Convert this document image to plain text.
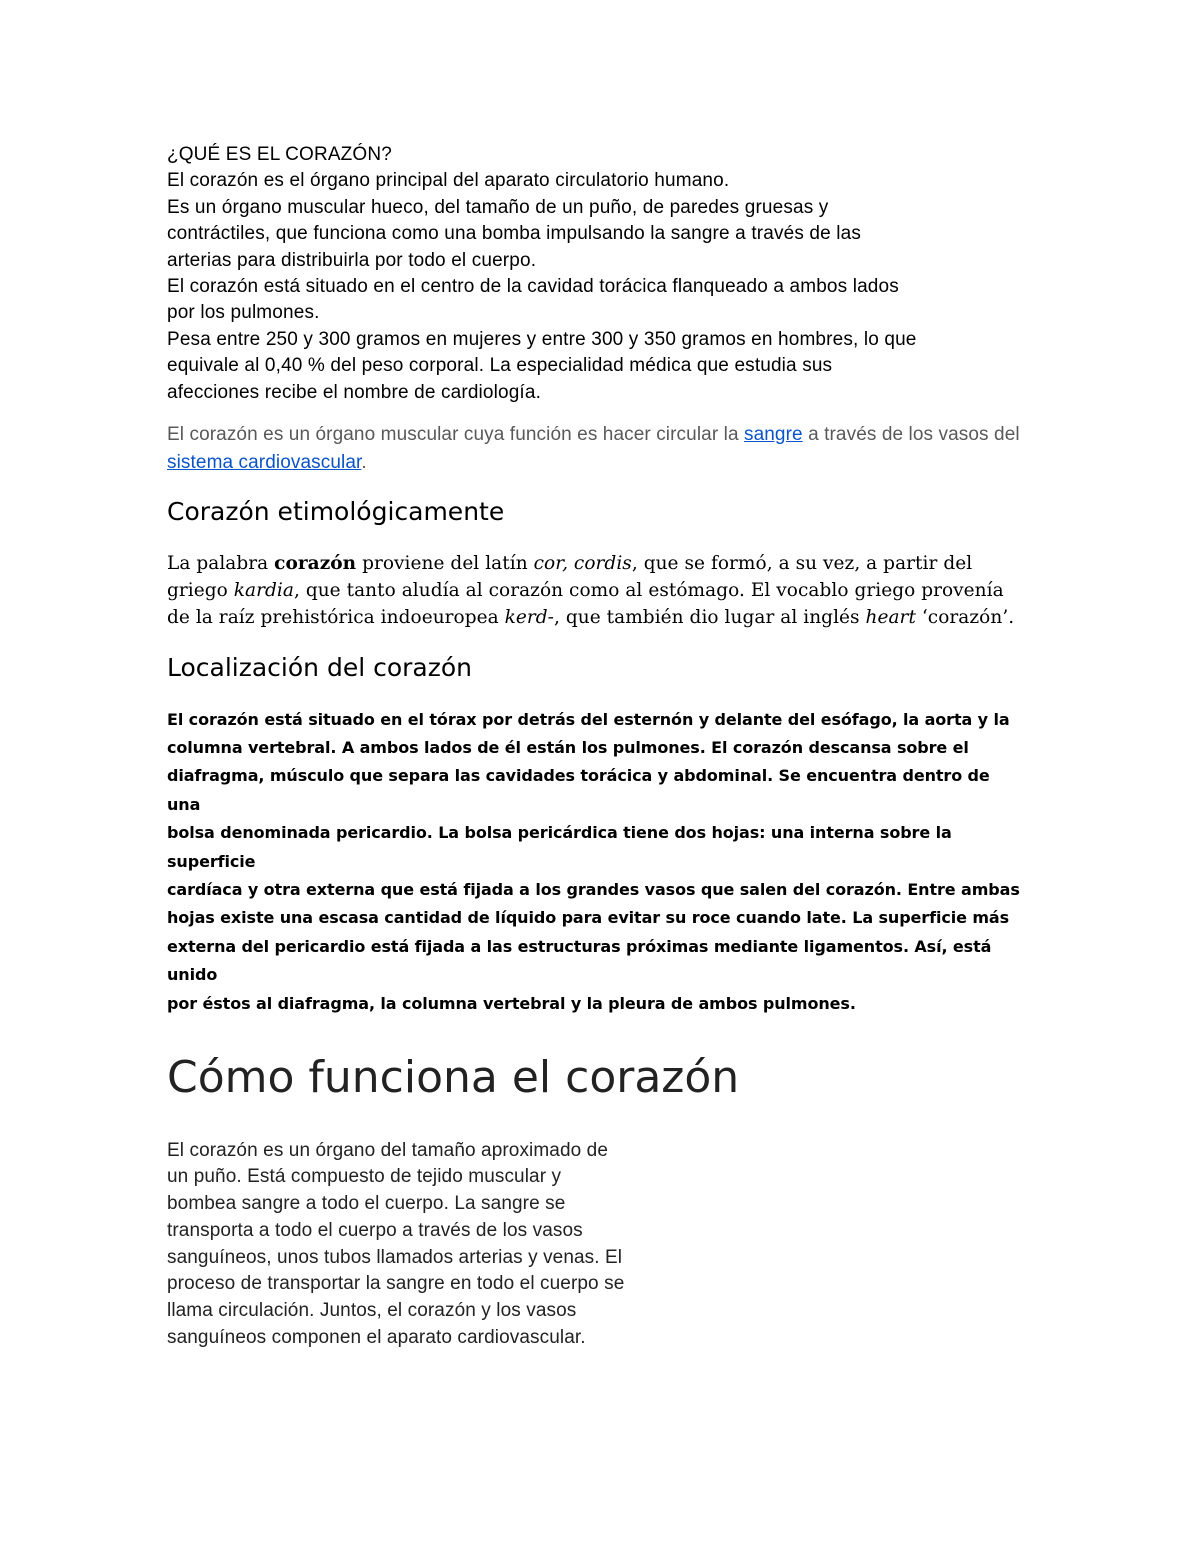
¿QUÉ ES EL CORAZÓN?
El corazón es el órgano principal del aparato circulatorio humano.
Es un órgano muscular hueco, del tamaño de un puño, de paredes gruesas y
contráctiles, que funciona como una bomba impulsando la sangre a través de las
arterias para distribuirla por todo el cuerpo.
El corazón está situado en el centro de la cavidad torácica flanqueado a ambos lados
por los pulmones.
Pesa entre 250 y 300 gramos en mujeres y entre 300 y 350 gramos en hombres, lo que
equivale al 0,40 % del peso corporal. La especialidad médica que estudia sus
afecciones recibe el nombre de cardiología.

El corazón es un órgano muscular cuya función es hacer circular la sangre a través de los vasos del sistema cardiovascular.

Corazón etimológicamente

La palabra corazón proviene del latín cor, cordis, que se formó, a su vez, a partir del griego kardia, que tanto aludía al corazón como al estómago. El vocablo griego provenía de la raíz prehistórica indoeuropea kerd-, que también dio lugar al inglés heart ‘corazón’.

Localización del corazón

El corazón está situado en el tórax por detrás del esternón y delante del esófago, la aorta y la
columna vertebral. A ambos lados de él están los pulmones. El corazón descansa sobre el
diafragma, músculo que separa las cavidades torácica y abdominal. Se encuentra dentro de una
bolsa denominada pericardio. La bolsa pericárdica tiene dos hojas: una interna sobre la superficie
cardíaca y otra externa que está fijada a los grandes vasos que salen del corazón. Entre ambas
hojas existe una escasa cantidad de líquido para evitar su roce cuando late. La superficie más
externa del pericardio está fijada a las estructuras próximas mediante ligamentos. Así, está unido
por éstos al diafragma, la columna vertebral y la pleura de ambos pulmones.

Cómo funciona el corazón

El corazón es un órgano del tamaño aproximado de
un puño. Está compuesto de tejido muscular y
bombea sangre a todo el cuerpo. La sangre se
transporta a todo el cuerpo a través de los vasos
sanguíneos, unos tubos llamados arterias y venas. El
proceso de transportar la sangre en todo el cuerpo se
llama circulación. Juntos, el corazón y los vasos
sanguíneos componen el aparato cardiovascular.
